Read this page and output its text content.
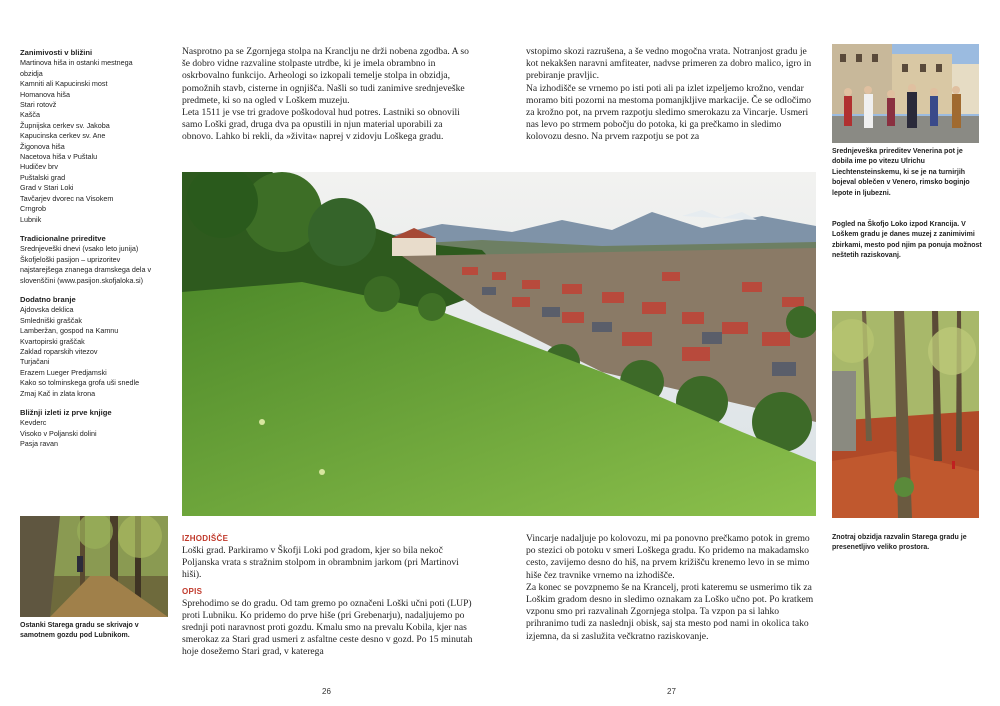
Zanimivosti v bližini
Martinova hiša in ostanki mestnega obzidja
Kamniti ali Kapucinski most
Homanova hiša
Stari rotovž
Kašča
Župnijska cerkev sv. Jakoba
Kapucinska cerkev sv. Ane
Žigonova hiša
Nacetova hiša v Puštalu
Hudičev brv
Puštalski grad
Grad v Stari Loki
Tavčarjev dvorec na Visokem
Crngrob
Lubnik
Tradicionalne prireditve
Srednjeveški dnevi (vsako leto junija)
Škofjeloški pasijon – uprizoritev najstarejšega znanega dramskega dela v slovenščini (www.pasijon.skofjaloka.si)
Dodatno branje
Ajdovska deklica
Smledniški graščak
Lamberžan, gospod na Kamnu
Kvartopirski graščak
Zaklad roparskih vitezov
Turjačani
Erazem Lueger Predjamski
Kako so tolminskega grofa uši snedle
Zmaj Kač in zlata krona
Bližnji izleti iz prve knjige
Kevderc
Visoko v Poljanski dolini
Pasja ravan
Ostanki Starega gradu se skrivajo v samotnem gozdu pod Lubnikom.

Nasprotno pa se Zgornjega stolpa na Kranclju ne drži nobena zgodba. A so še dobro vidne razvaline stolpaste utrdbe, ki je imela obrambno in oskrbovalno funkcijo. Arheologi so izkopali temelje stolpa in obzidja, pomožnih stavb, cisterne in ognjišča. Našli so tudi zanimive srednjeveške predmete, ki so na ogled v Loškem muzeju.

Leta 1511 je vse tri gradove poškodoval hud potres. Lastniki so obnovili samo Loški grad, druga dva pa opustili in njun material uporabili za obnovo. Lahko bi rekli, da »živita« naprej v zidovju Loškega gradu.

vstopimo skozi razrušena, a še vedno mogočna vrata. Notranjost gradu je kot nekakšen naravni amfiteater, nadvse primeren za dobro malico, igro in prebiranje pravljic.

Na izhodišče se vrnemo po isti poti ali pa izlet izpeljemo krožno, vendar moramo biti pozorni na mestoma pomanjkljive markacije. Če se odločimo za krožno pot, na prvem razpotju sledimo smerokazu za Vincarje. Usmeri nas levo po strmem pobočju do potoka, ki ga prečkamo in sledimo kolovozu desno. Na prvem razpotju se pot za

Srednjeveška prireditev Venerina pot je dobila ime po vitezu Ulrichu Liechtensteinskemu, ki se je na turnirjih bojeval oblečen v Venero, rimsko boginjo lepote in ljubezni.
Pogled na Škofjo Loko izpod Krancija. V Loškem gradu je danes muzej z zanimivimi zbirkami, mesto pod njim pa ponuja možnost neštetih raziskovanj.
Znotraj obzidja razvalin Starega gradu je presenetljivo veliko prostora.
IZHODIŠČE

Loški grad. Parkiramo v Škofji Loki pod gradom, kjer so bila nekoč Poljanska vrata s stražnim stolpom in obrambnim jarkom (pri Martinovi hiši).

OPIS

Sprehodimo se do gradu. Od tam gremo po označeni Loški učni poti (LUP) proti Lubniku. Ko pridemo do prve hiše (pri Grebenarju), nadaljujemo po srednji poti naravnost proti gozdu. Kmalu smo na prevalu Kobila, kjer nas smerokaz za Stari grad usmeri z asfaltne ceste desno v gozd. Po 15 minutah hoje dosežemo Stari grad, v katerega

Vincarje nadaljuje po kolovozu, mi pa ponovno prečkamo potok in gremo po stezici ob potoku v smeri Loškega gradu. Ko pridemo na makadamsko cesto, zavijemo desno do hiš, na prvem križišču krenemo levo in se mimo hiše čez travnike vrnemo na izhodišče.

Za konec se povzpnemo še na Krancelj, proti kateremu se usmerimo tik za Loškim gradom desno in sledimo oznakam za Loško učno pot. Po kratkem vzponu smo pri razvalinah Zgornjega stolpa. Ta vzpon pa si lahko prihranimo tudi za naslednji obisk, saj sta mesto pod nami in okolica tako izjemna, da si zaslužita večkratno raziskovanje.

26	27
